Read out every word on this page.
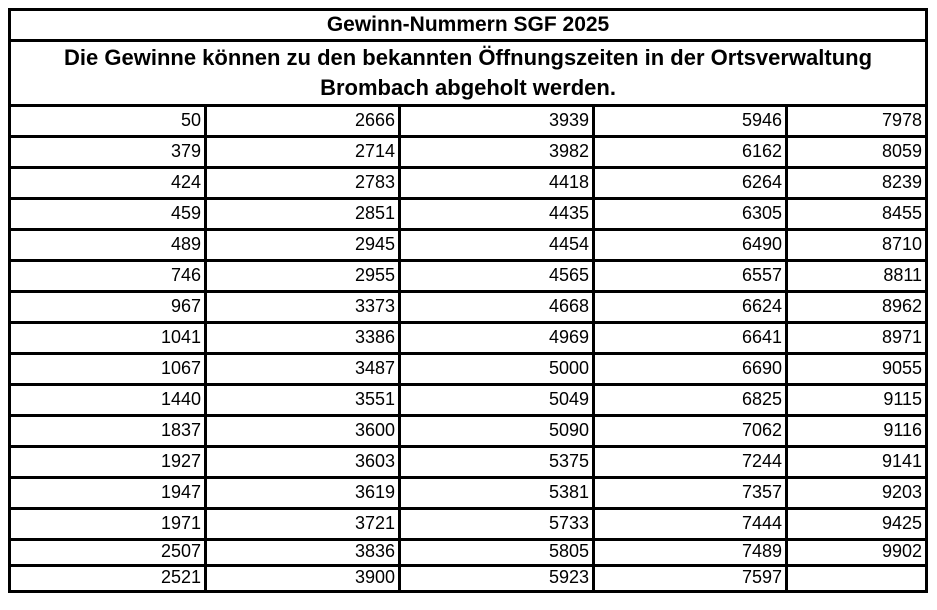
Gewinn-Nummern SGF 2025				

Die Gewinne können zu den bekannten Öffnungszeiten in der Ortsverwaltung
Brombach abgeholt werden.				

50	2666	3939	5946	7978
379	2714	3982	6162	8059
424	2783	4418	6264	8239
459	2851	4435	6305	8455
489	2945	4454	6490	8710
746	2955	4565	6557	8811
967	3373	4668	6624	8962
1041	3386	4969	6641	8971
1067	3487	5000	6690	9055
1440	3551	5049	6825	9115
1837	3600	5090	7062	9116
1927	3603	5375	7244	9141
1947	3619	5381	7357	9203
1971	3721	5733	7444	9425
2507	3836	5805	7489	9902
2521	3900	5923	7597	
